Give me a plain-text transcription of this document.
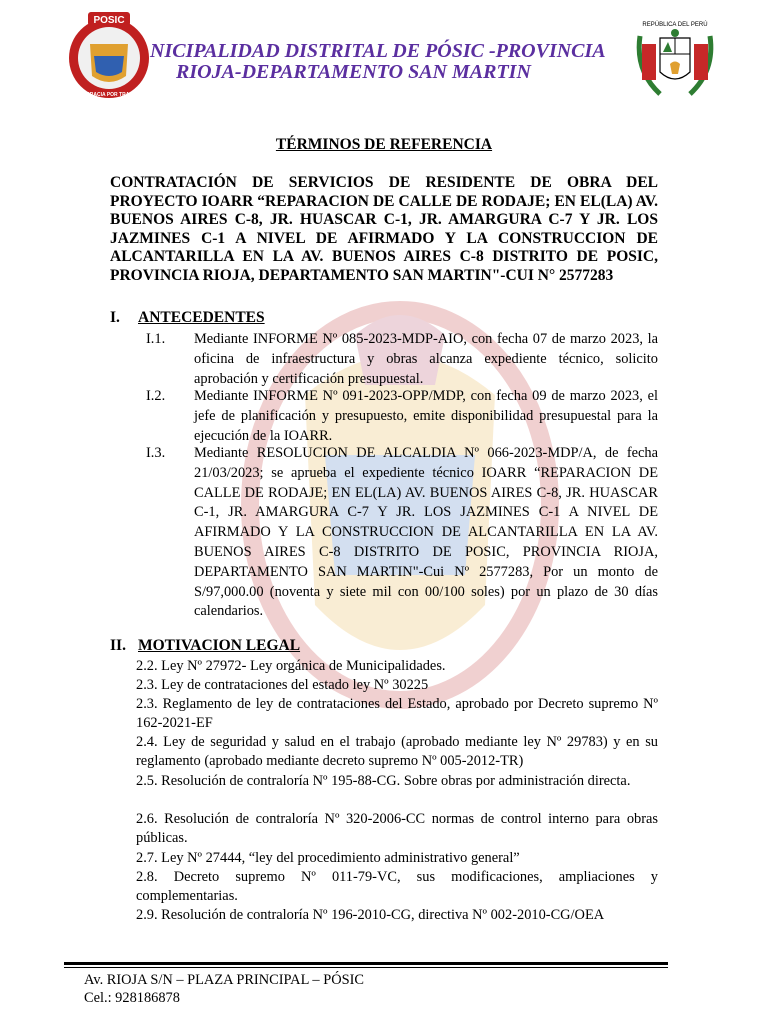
POSIC
DEMOCRACIA POR TRADICIÓN
REPÚBLICA DEL PERÚ
NICIPALIDAD DISTRITAL DE PÓSIC -PROVINCIA
RIOJA-DEPARTAMENTO SAN MARTIN
TÉRMINOS DE REFERENCIA
CONTRATACIÓN DE SERVICIOS DE RESIDENTE DE OBRA DEL PROYECTO IOARR “REPARACION DE CALLE DE RODAJE; EN EL(LA) AV. BUENOS AIRES C-8, JR. HUASCAR C-1, JR. AMARGURA C-7 Y JR. LOS JAZMINES C-1 A NIVEL DE AFIRMADO Y LA CONSTRUCCION DE ALCANTARILLA EN LA AV. BUENOS AIRES C-8 DISTRITO DE POSIC, PROVINCIA RIOJA, DEPARTAMENTO SAN MARTIN"-CUI N° 2577283
I. ANTECEDENTES
I.1. Mediante INFORME Nº 085-2023-MDP-AIO, con fecha 07 de marzo 2023, la oficina de infraestructura y obras alcanza expediente técnico, solicito aprobación y certificación presupuestal.
I.2. Mediante INFORME Nº 091-2023-OPP/MDP, con fecha 09 de marzo 2023, el jefe de planificación y presupuesto, emite disponibilidad presupuestal para la ejecución de la IOARR.
I.3. Mediante RESOLUCION DE ALCALDIA Nº 066-2023-MDP/A, de fecha 21/03/2023; se aprueba el expediente técnico IOARR “REPARACION DE CALLE DE RODAJE; EN EL(LA) AV. BUENOS AIRES C-8, JR. HUASCAR C-1, JR. AMARGURA C-7 Y JR. LOS JAZMINES C-1 A NIVEL DE AFIRMADO Y LA CONSTRUCCION DE ALCANTARILLA EN LA AV. BUENOS AIRES C-8 DISTRITO DE POSIC, PROVINCIA RIOJA, DEPARTAMENTO SAN MARTIN"-Cui Nº 2577283, Por un monto de S/97,000.00 (noventa y siete mil con 00/100 soles) por un plazo de 30 días calendarios.
II. MOTIVACION LEGAL
2.2. Ley Nº 27972- Ley orgánica de Municipalidades.
2.3. Ley de contrataciones del estado ley Nº 30225
2.3. Reglamento de ley de contrataciones del Estado, aprobado por Decreto supremo Nº 162-2021-EF
2.4. Ley de seguridad y salud en el trabajo (aprobado mediante ley Nº 29783) y en su reglamento (aprobado mediante decreto supremo Nº 005-2012-TR)
2.5. Resolución de contraloría Nº 195-88-CG. Sobre obras por administración directa.
2.6. Resolución de contraloría Nº 320-2006-CC normas de control interno para obras públicas.
2.7. Ley Nº 27444, “ley del procedimiento administrativo general”
2.8. Decreto supremo Nº 011-79-VC, sus modificaciones, ampliaciones y complementarias.
2.9. Resolución de contraloría Nº 196-2010-CG, directiva Nº 002-2010-CG/OEA
Av. RIOJA S/N – PLAZA PRINCIPAL – PÓSIC
Cel.: 928186878
